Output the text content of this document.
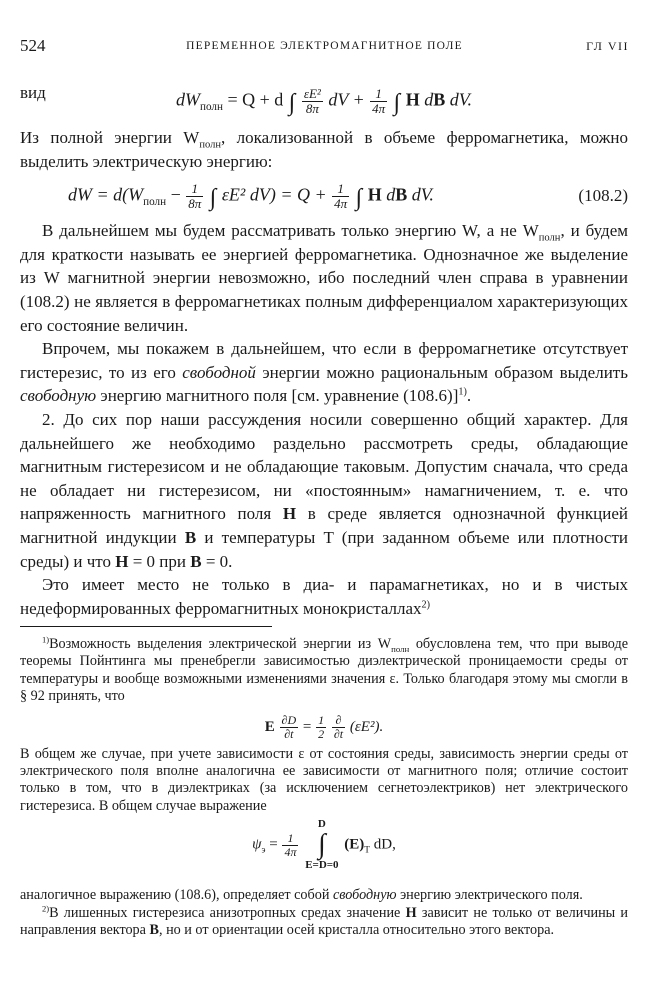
524	ПЕРЕМЕННОЕ ЭЛЕКТРОМАГНИТНОЕ ПОЛЕ	ГЛ VII
вид	$dW_{полн} = Q + d$ ∫ $\frac{\text{εE²}}{8\pi}$ dV + $\frac{1}{4\pi}$ ∫ H dB dV.

Из полной энергии $W_{полн}$, локализованной в объеме ферромагнетика, можно выделить электрическую энергию:

dW = $d(W_{полн} - \frac{1}{8\pi}$ ∫ εE² $dV) = Q + \frac{1}{4\pi}$ ∫ H dB dV.	(108.2)

В дальнейшем мы будем рассматривать только энергию W, а не $W_{полн}$, и будем для краткости называть ее энергией ферромагнетика. Однозначное же выделение из W магнитной энергии невозможно, ибо последний член справа в уравнении (108.2) не является в ферромагнетиках полным дифференциалом характеризующих его состояние величин.

Впрочем, мы покажем в дальнейшем, что если в ферромагнетике отсутствует гистерезис, то из его свободной энергии можно рациональным образом выделить свободную энергию магнитного поля [см. уравнение (108.6)]$^{1)}$.

2. До сих пор наши рассуждения носили совершенно общий характер. Для дальнейшего же необходимо раздельно рассмотреть среды, обладающие магнитным гистерезисом и не обладающие таковым. Допустим сначала, что среда не обладает ни гистерезисом, ни «постоянным» намагничением, т. е. что напряженность магнитного поля H в среде является однозначной функцией магнитной индукции B и температуры T (при заданном объеме или плотности среды) и что H = 0 при B = 0.

Это имеет место не только в диа- и парамагнетиках, но и в чистых недеформированных ферромагнитных монокристаллах$^{2)}$

$^{1)}$Возможность выделения электрической энергии из $W_{полн}$ обусловлена тем, что при выводе теоремы Пойнтинга мы пренебрегли зависимостью диэлектрической проницаемости среды от температуры и вообще возможными изменениями значения ε. Только благодаря этому мы смогли в § 92 принять, что

E $\frac{\partial D}{\partial t} = \frac{1}{2}$
$\frac{\partial}{\partial t} (\varepsilon E^2)$.

В общем же случае, при учете зависимости ε от состояния среды, зависимость энергии среды от электрического поля вполне аналогична ее зависимости от магнитного поля; отличие состоит только в том, что в диэлектриках (за исключением сегнетоэлектриков) нет электрического гистерезиса. В общем случае выражение

$\psi_э = \frac{1}{4\pi}$
D
∫
E=D=0 $(E)_T$ dD,

аналогичное выражению (108.6), определяет собой свободную энергию электрического поля.

$^{2)}$В лишенных гистерезиса анизотропных средах значение H зависит не только от величины и направления вектора B, но и от ориентации осей кристалла относительно этого вектора.
